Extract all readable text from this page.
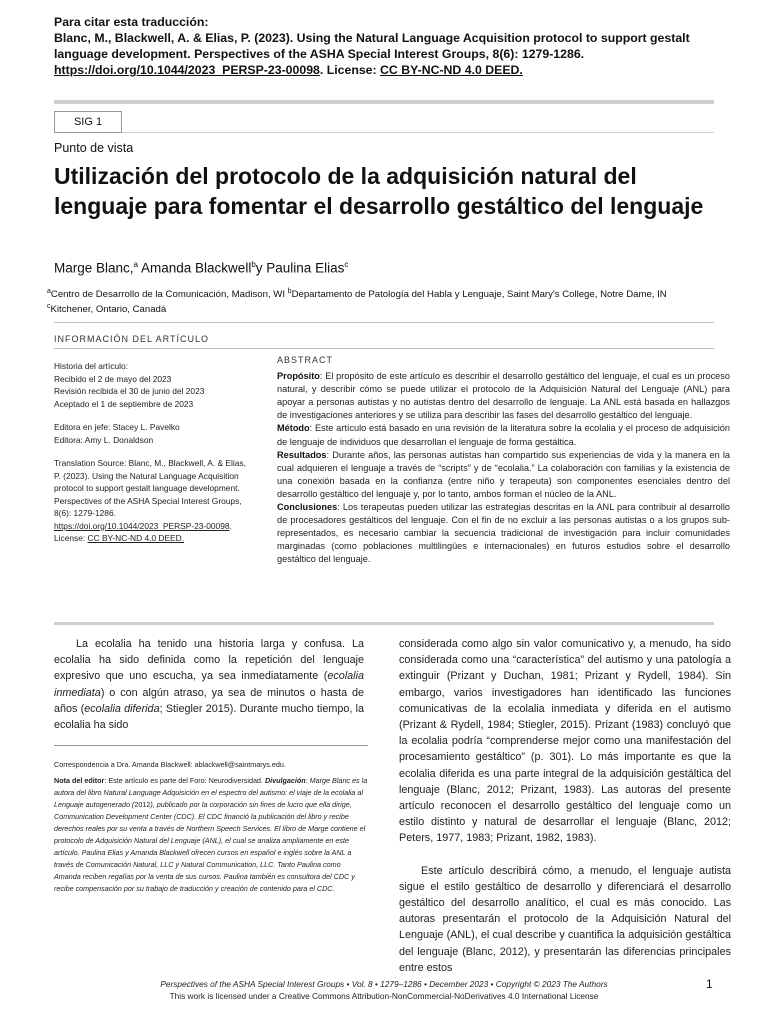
Para citar esta traducción:
Blanc, M., Blackwell, A. & Elias, P. (2023). Using the Natural Language Acquisition protocol to support gestalt language development. Perspectives of the ASHA Special Interest Groups, 8(6): 1279-1286. https://doi.org/10.1044/2023_PERSP-23-00098. License: CC BY-NC-ND 4.0 DEED.
SIG 1
Punto de vista
Utilización del protocolo de la adquisición natural del lenguaje para fomentar el desarrollo gestáltico del lenguaje
Marge Blanc,$^a$ Amanda Blackwell$^b$y Paulina Elias$^c$
$^a$Centro de Desarrollo de la Comunicación, Madison, WI $^b$Departamento de Patología del Habla y Lenguaje, Saint Mary's College, Notre Dame, IN
$^c$Kitchener, Ontario, Canadá
INFORMACIÓN DEL ARTÍCULO

Historia del artículo:
Recibido el 2 de mayo del 2023
Revisión recibida el 30 de junio del 2023
Aceptado el 1 de septiembre de 2023

Editora en jefe: Stacey L. Pavelko
Editora: Amy L. Donaldson

Translation Source: Blanc, M., Blackwell, A. & Elias, P. (2023). Using the Natural Language Acquisition protocol to support gestalt language development. Perspectives of the ASHA Special Interest Groups, 8(6): 1279-1286. https://doi.org/10.1044/2023_PERSP-23-00098. License: CC BY-NC-ND 4.0 DEED.

ABSTRACT

Propósito: El propósito de este artículo es describir el desarrollo gestáltico del lenguaje, el cual es un proceso natural, y describir cómo se puede utilizar el protocolo de la Adquisición Natural del Lenguaje (ANL) para apoyar a personas autistas y no autistas dentro del desarrollo de lenguaje. La ANL está basada en hallazgos de investigaciones anteriores y se utiliza para describir las fases del desarrollo gestáltico del lenguaje.

Método: Este artículo está basado en una revisión de la literatura sobre la ecolalia y el proceso de adquisición de lenguaje de individuos que desarrollan el lenguaje de forma gestáltica.

Resultados: Durante años, las personas autistas han compartido sus experiencias de vida y la manera en la cual adquieren el lenguaje a través de “scripts” y de “ecolalia.” La colaboración con familias y la existencia de una conexión basada en la confianza (entre niño y terapeuta) son componentes esenciales dentro del desarrollo gestáltico del lenguaje y, por lo tanto, ambos forman el núcleo de la ANL.

Conclusiones: Los terapeutas pueden utilizar las estrategias descritas en la ANL para contribuir al desarrollo de procesadores gestálticos del lenguaje. Con el fin de no excluir a las personas autistas o a los grupos sub-representados, es necesario cambiar la secuencia tradicional de investigación para incluir comunidades marginadas (como poblaciones multilingües e internacionales) en futuros estudios sobre el desarrollo gestáltico del lenguaje.

La ecolalia ha tenido una historia larga y confusa. La ecolalia ha sido definida como la repetición del lenguaje expresivo que uno escucha, ya sea inmediatamente (ecolalia inmediata) o con algún atraso, ya sea de minutos o hasta de años (ecolalia diferida; Stiegler 2015). Durante mucho tiempo, la ecolalia ha sido

Correspondencia a Dra. Amanda Blackwell: ablackwell@saintmarys.edu.

Nota del editor: Este artículo es parte del Foro: Neurodiversidad. Divulgación: Marge Blanc es la autora del libro Natural Language Adquisición en el espectro del autismo: el viaje de la ecolalia al Lenguaje autogenerado (2012), publicado por la corporación sin fines de lucro que ella dirige, Communication Development Center (CDC). El CDC financió la publicación del libro y recibe derechos reales por su venta a través de Northern Speech Services. El libro de Marge contiene el protocolo de Adquisición Natural del Lenguaje (ANL), el cual se analiza ampliamente en este artículo. Paulina Elias y Amanda Blackwell ofrecen cursos en español e inglés sobre la ANL a través de Comunicación Natural, LLC y Natural Communication, LLC. Tanto Paulina como Amanda reciben regalías por la venta de sus cursos. Paulina también es consultora del CDC y recibe compensación por su trabajo de traducción y creación de contenido para el CDC.

considerada como algo sin valor comunicativo y, a menudo, ha sido considerada como una “característica” del autismo y una patología a extinguir (Prizant y Duchan, 1981; Prizant y Rydell, 1984). Sin embargo, varios investigadores han identificado las funciones comunicativas de la ecolalia inmediata y diferida en el autismo (Prizant & Rydell, 1984; Stiegler, 2015). Prizant (1983) concluyó que la ecolalia podría “comprenderse mejor como una manifestación del procesamiento gestáltico” (p. 301). Lo más importante es que la ecolalia diferida es una parte integral de la adquisición gestáltica del lenguaje (Blanc, 2012; Prizant, 1983). Las autoras del presente artículo reconocen el desarrollo gestáltico del lenguaje como un estilo distinto y natural de desarrollar el lenguaje (Blanc, 2012; Peters, 1977, 1983; Prizant, 1982, 1983).

Este artículo describirá cómo, a menudo, el lenguaje autista sigue el estilo gestáltico de desarrollo y diferenciará el desarrollo gestáltico del desarrollo analítico, el cual es más conocido. Las autoras presentarán el protocolo de la Adquisición Natural del Lenguaje (ANL), el cual describe y cuantifica la adquisición gestáltica del lenguaje (Blanc, 2012), y presentarán las diferencias principales entre estos

Perspectives of the ASHA Special Interest Groups • Vol. 8 • 1279–1286 • December 2023 • Copyright © 2023 The Authors
This work is licensed under a Creative Commons Attribution-NonCommercial-NoDerivatives 4.0 International License
1
